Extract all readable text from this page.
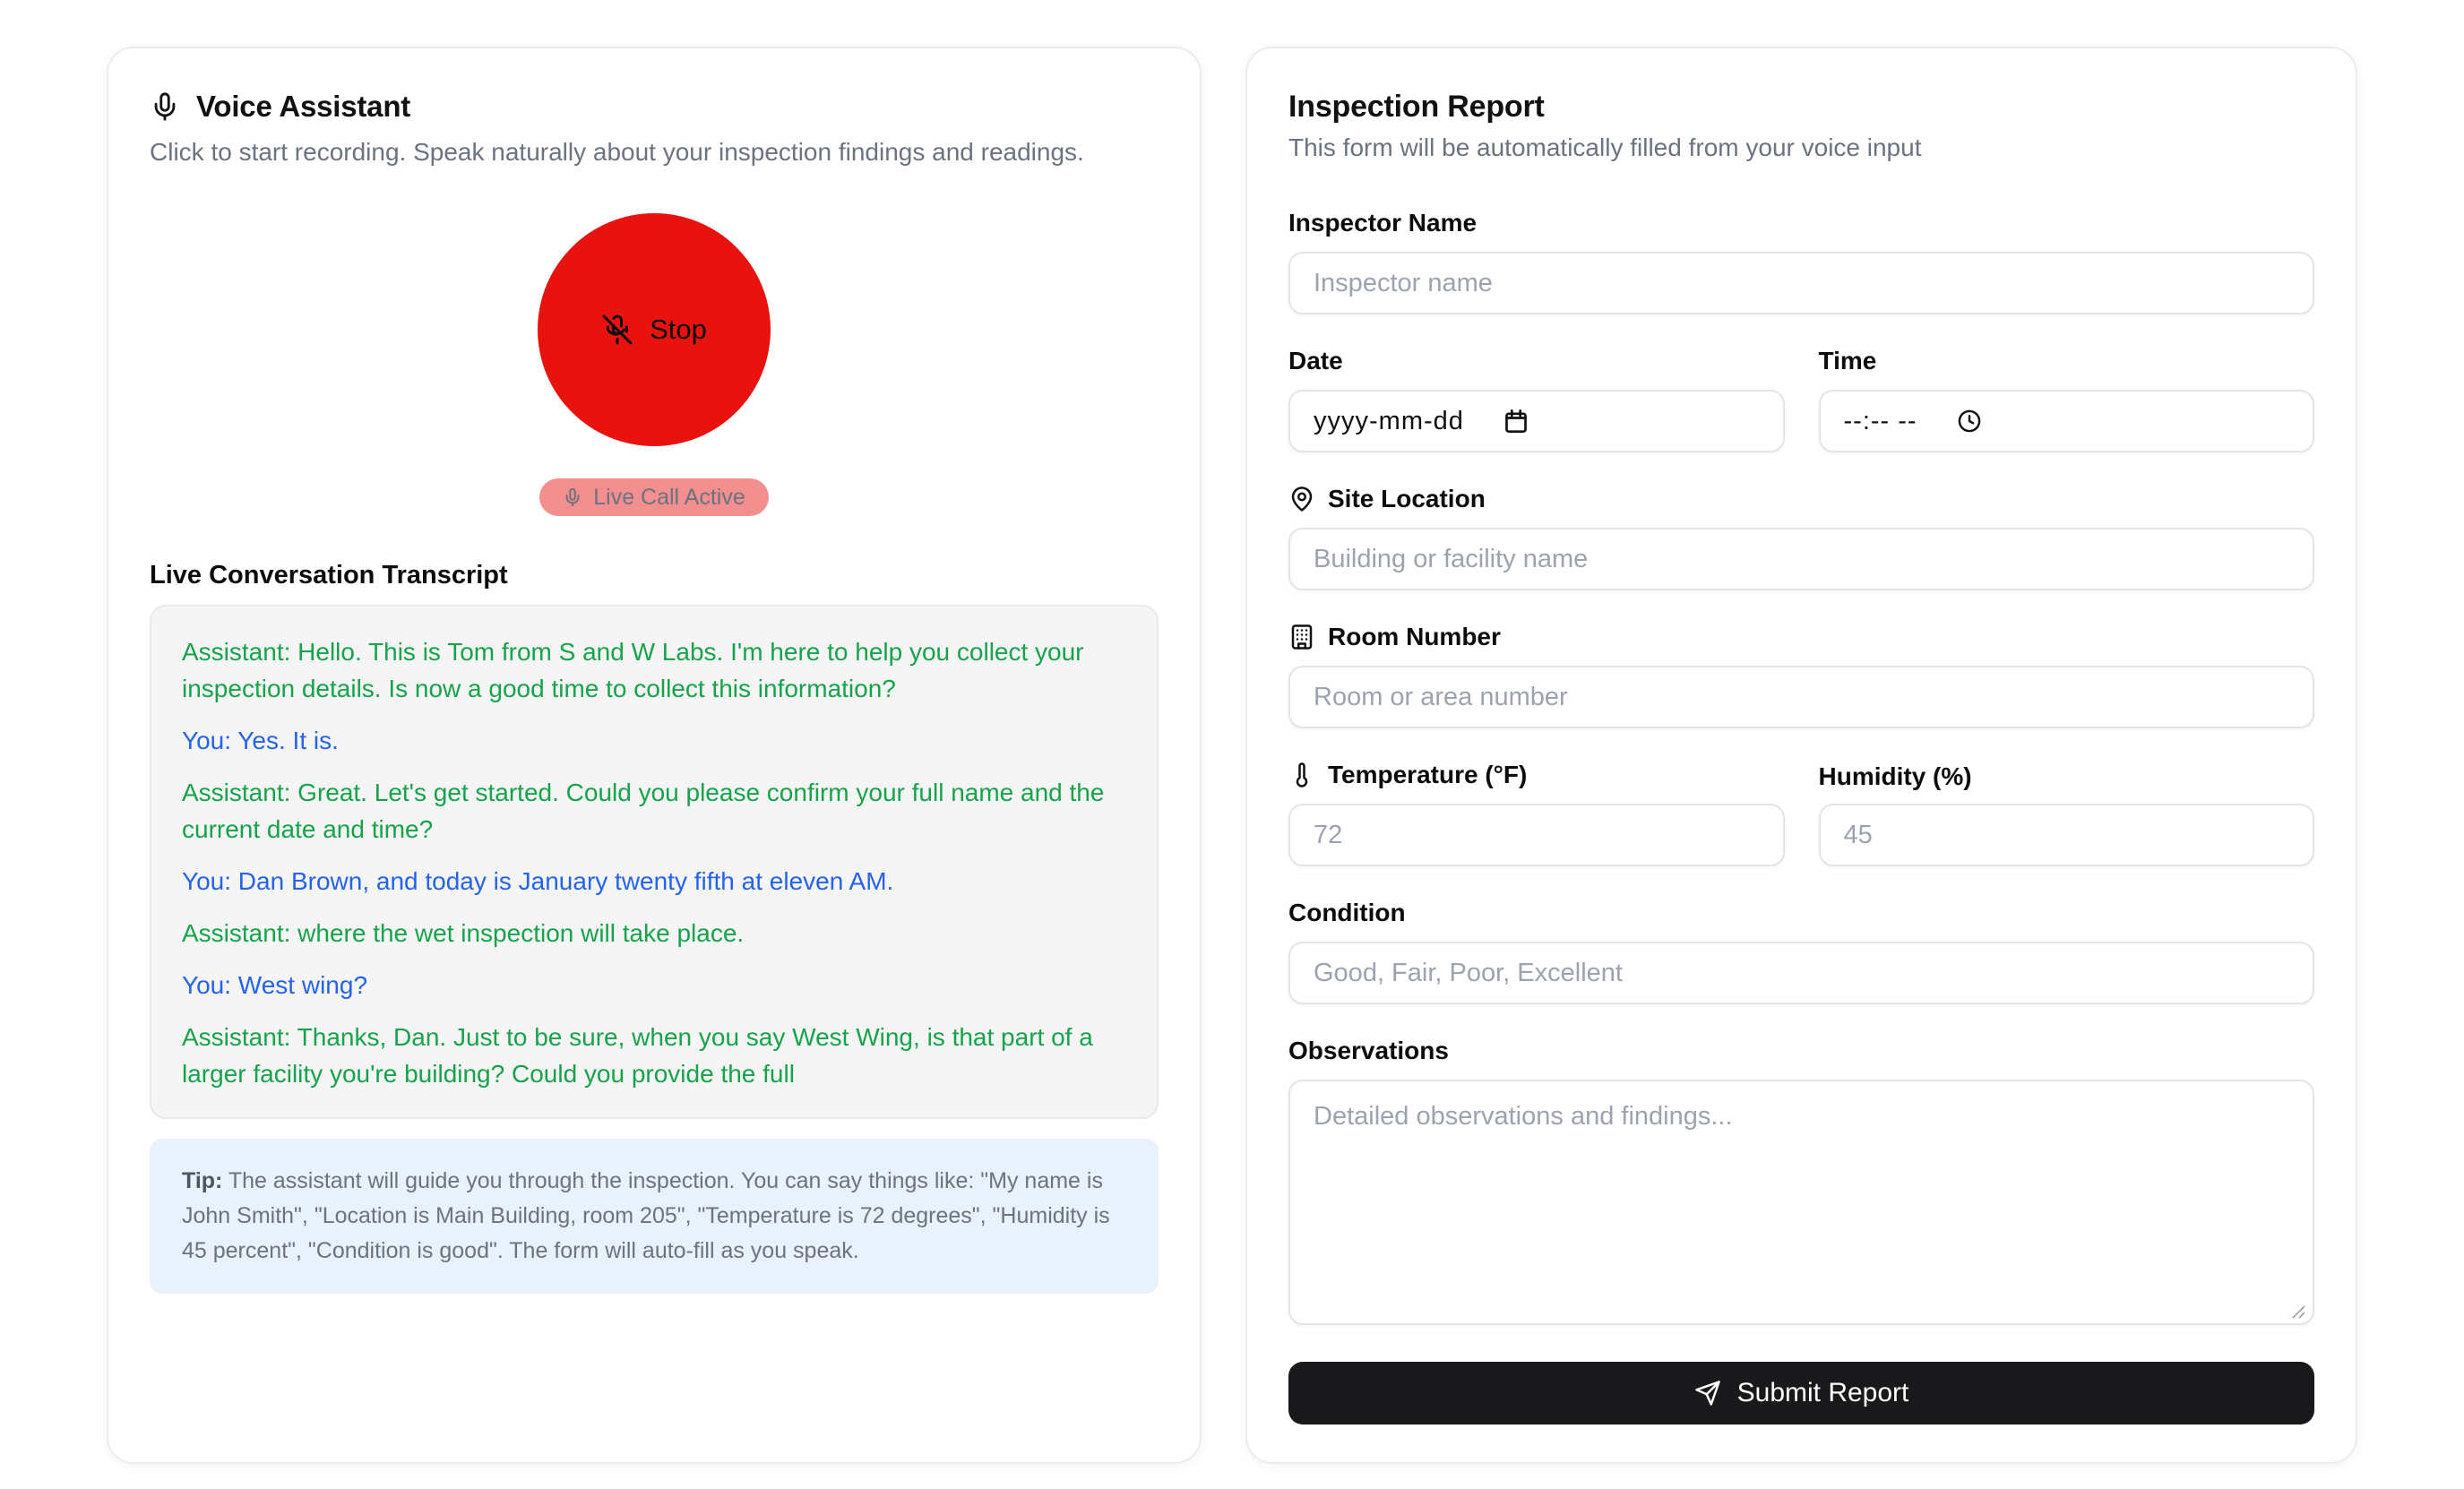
Voice Assistant
Click to start recording. Speak naturally about your inspection findings and readings.
Stop
Live Call Active
Live Conversation Transcript

Assistant: Hello. This is Tom from S and W Labs. I'm here to help you collect your inspection details. Is now a good time to collect this information?

You: Yes. It is.

Assistant: Great. Let's get started. Could you please confirm your full name and the current date and time?

You: Dan Brown, and today is January twenty fifth at eleven AM.

Assistant: where the wet inspection will take place.

You: West wing?

Assistant: Thanks, Dan. Just to be sure, when you say West Wing, is that part of a larger facility you're building? Could you provide the full

Tip: The assistant will guide you through the inspection. You can say things like: "My name is John Smith", "Location is Main Building, room 205", "Temperature is 72 degrees", "Humidity is 45 percent", "Condition is good". The form will auto-fill as you speak.

Inspection Report
This form will be automatically filled from your voice input
Inspector Name
Inspector name
Date
yyyy-mm-dd
Time
--:-- --
Site Location
Building or facility name
Room Number
Room or area number
Temperature (°F)
72	Humidity (%)
45
Condition
Good, Fair, Poor, Excellent
Observations
Detailed observations and findings...
Submit Report
